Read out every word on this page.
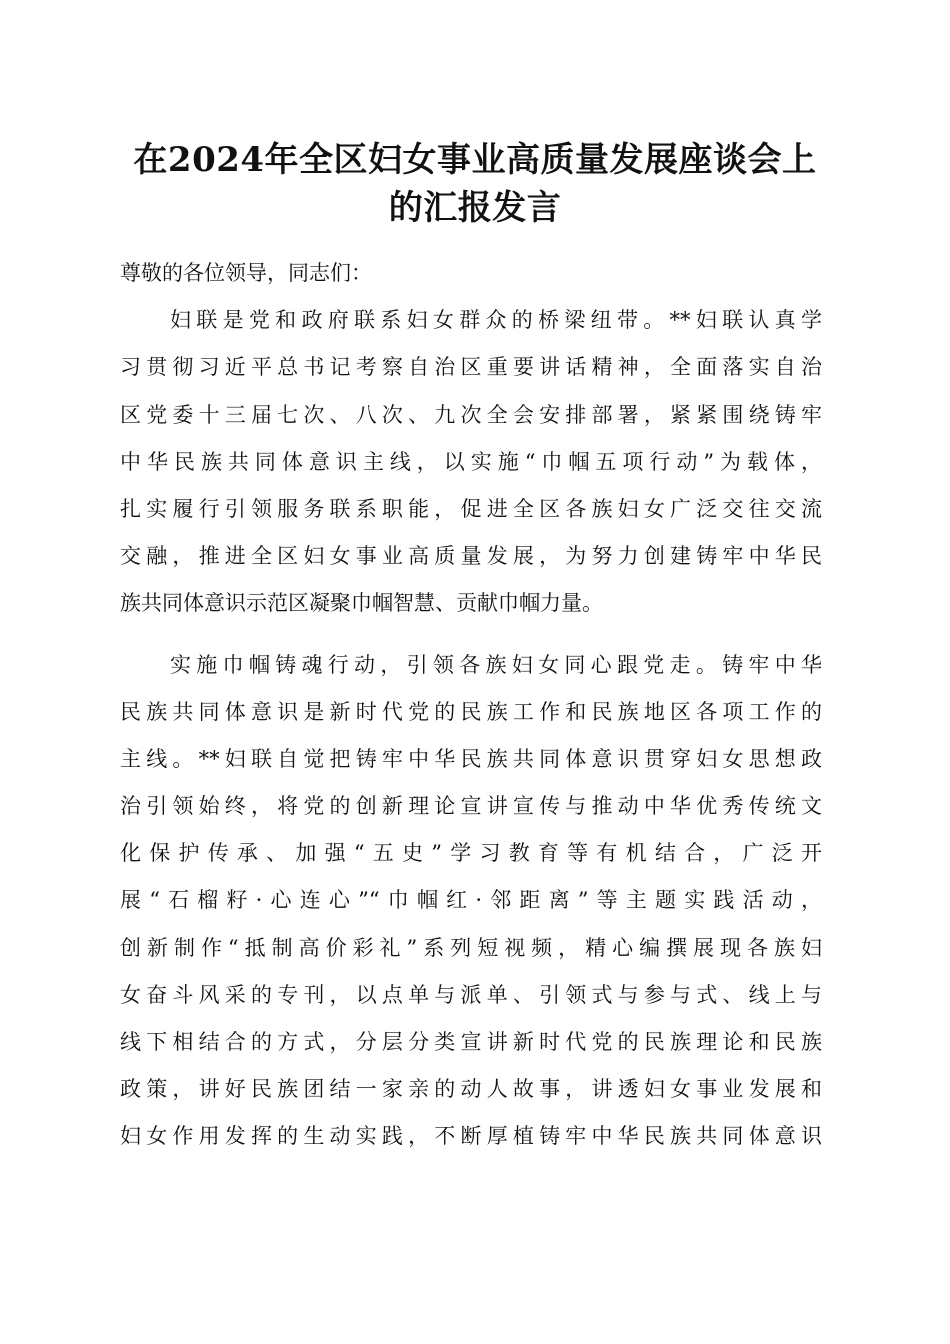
在2024年全区妇女事业高质量发展座谈会上
的汇报发言
尊敬的各位领导，同志们：
妇联是党和政府联系妇女群众的桥梁纽带。**妇联认真学
习贯彻习近平总书记考察自治区重要讲话精神，全面落实自治
区党委十三届七次、八次、九次全会安排部署，紧紧围绕铸牢
中华民族共同体意识主线，以实施“巾帼五项行动”为载体，
扎实履行引领服务联系职能，促进全区各族妇女广泛交往交流
交融，推进全区妇女事业高质量发展，为努力创建铸牢中华民
族共同体意识示范区凝聚巾帼智慧、贡献巾帼力量。
实施巾帼铸魂行动，引领各族妇女同心跟党走。铸牢中华
民族共同体意识是新时代党的民族工作和民族地区各项工作的
主线。**妇联自觉把铸牢中华民族共同体意识贯穿妇女思想政
治引领始终，将党的创新理论宣讲宣传与推动中华优秀传统文
化保护传承、加强“五史”学习教育等有机结合，广泛开
展“石榴籽·心连心”“巾帼红·邻距离”等主题实践活动，
创新制作“抵制高价彩礼”系列短视频，精心编撰展现各族妇
女奋斗风采的专刊，以点单与派单、引领式与参与式、线上与
线下相结合的方式，分层分类宣讲新时代党的民族理论和民族
政策，讲好民族团结一家亲的动人故事，讲透妇女事业发展和
妇女作用发挥的生动实践，不断厚植铸牢中华民族共同体意识
